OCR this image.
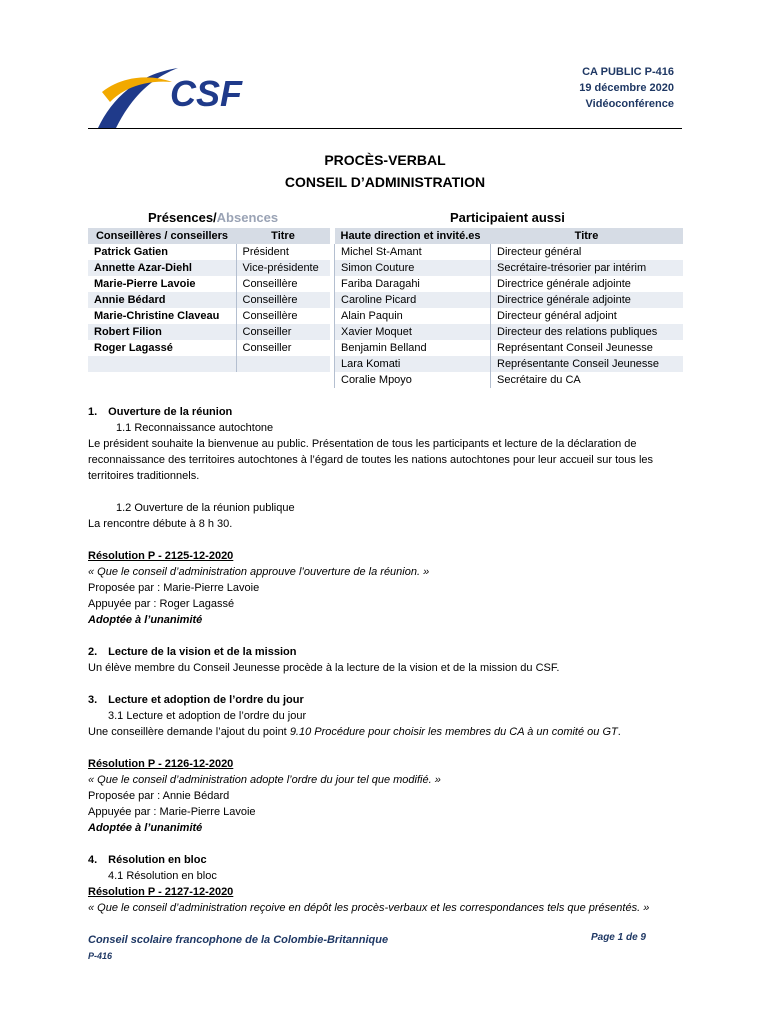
CSF
CA PUBLIC P-416
19 décembre 2020
Vidéoconférence
PROCÈS-VERBAL
CONSEIL D’ADMINISTRATION
Présences/Absences	Participaient aussi
Conseillères / conseillers	Titre
Patrick Gatien	Président
Annette Azar-Diehl	Vice-présidente
Marie-Pierre Lavoie	Conseillère
Annie Bédard	Conseillère
Marie-Christine Claveau	Conseillère
Robert Filion	Conseiller
Roger Lagassé	Conseiller

Haute direction et invité.es	Titre
Michel St-Amant	Directeur général
Simon Couture	Secrétaire-trésorier par intérim
Fariba Daragahi	Directrice générale adjointe
Caroline Picard	Directrice générale adjointe
Alain Paquin	Directeur général adjoint
Xavier Moquet	Directeur des relations publiques
Benjamin Belland	Représentant Conseil Jeunesse
Lara Komati	Représentante Conseil Jeunesse
Coralie Mpoyo	Secrétaire du CA
1. Ouverture de la réunion
1.1 Reconnaissance autochtone
Le président souhaite la bienvenue au public. Présentation de tous les participants et lecture de la déclaration de reconnaissance des territoires autochtones à l’égard de toutes les nations autochtones pour leur accueil sur tous les territoires traditionnels.
1.2 Ouverture de la réunion publique
La rencontre débute à 8 h 30.
Résolution P - 2125-12-2020
« Que le conseil d’administration approuve l’ouverture de la réunion. »
Proposée par : Marie-Pierre Lavoie
Appuyée par : Roger Lagassé
Adoptée à l’unanimité
2. Lecture de la vision et de la mission
Un élève membre du Conseil Jeunesse procède à la lecture de la vision et de la mission du CSF.
3. Lecture et adoption de l’ordre du jour
3.1 Lecture et adoption de l’ordre du jour
Une conseillère demande l’ajout du point 9.10 Procédure pour choisir les membres du CA à un comité ou GT.
Résolution P - 2126-12-2020
« Que le conseil d’administration adopte l’ordre du jour tel que modifié. »
Proposée par : Annie Bédard
Appuyée par : Marie-Pierre Lavoie
Adoptée à l’unanimité
4. Résolution en bloc
4.1 Résolution en bloc
Résolution P - 2127-12-2020
« Que le conseil d’administration reçoive en dépôt les procès-verbaux et les correspondances tels que présentés. »
Conseil scolaire francophone de la Colombie-Britannique
P-416
Page 1 de 9
